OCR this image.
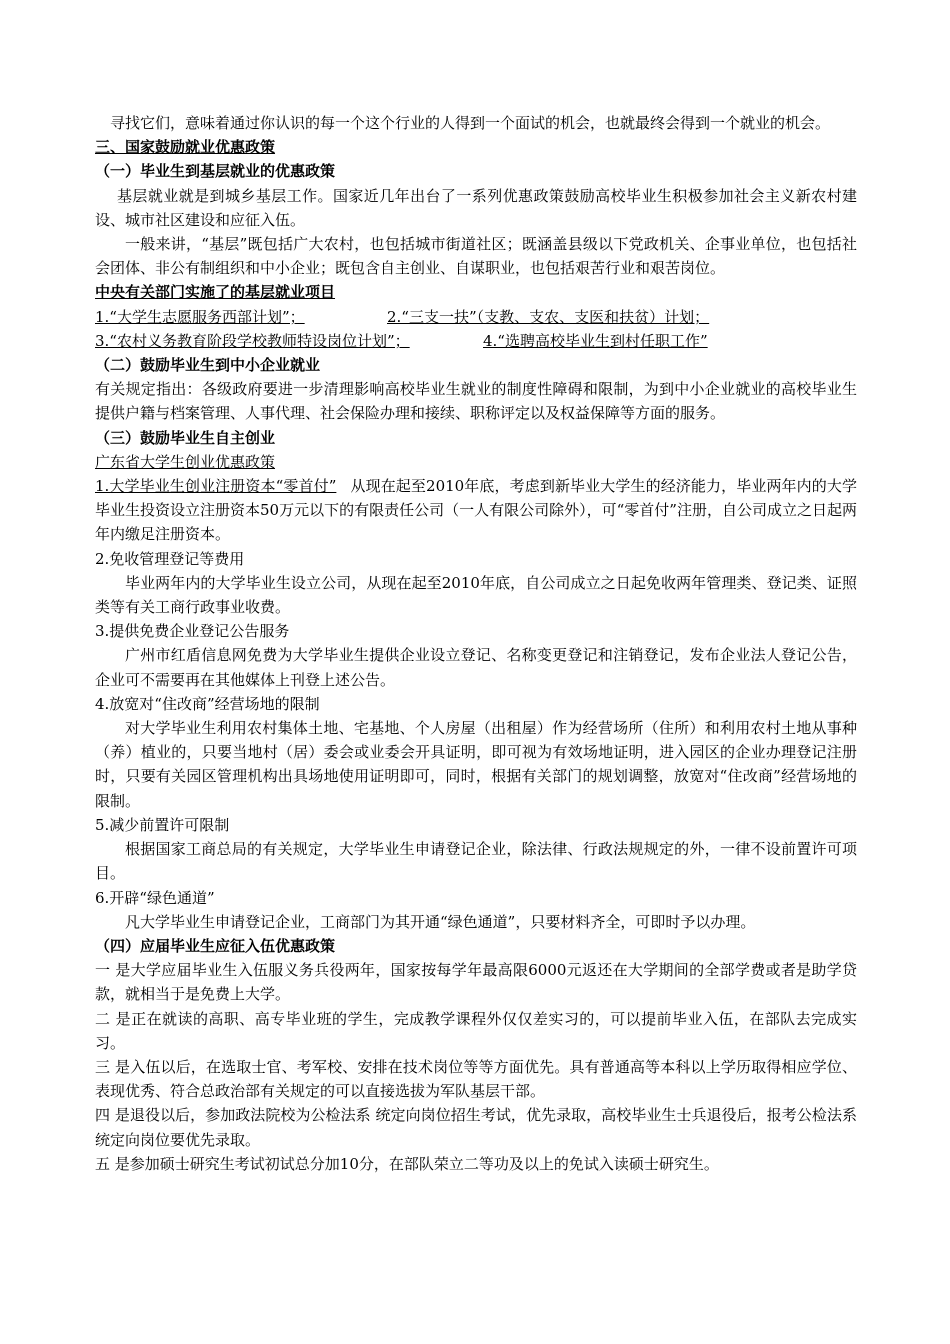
寻找它们，意味着通过你认识的每一个这个行业的人得到一个面试的机会，也就最终会得到一个就业的机会。

三、国家鼓励就业优惠政策

（一）毕业生到基层就业的优惠政策

基层就业就是到城乡基层工作。国家近几年出台了一系列优惠政策鼓励高校毕业生积极参加社会主义新农村建设、城市社区建设和应征入伍。

一般来讲，“基层”既包括广大农村，也包括城市街道社区；既涵盖县级以下党政机关、企事业单位，也包括社会团体、非公有制组织和中小企业；既包含自主创业、自谋职业，也包括艰苦行业和艰苦岗位。

中央有关部门实施了的基层就业项目

1.“大学生志愿服务西部计划”；	2.“三支一扶”（支教、支农、支医和扶贫）计划；
3.“农村义务教育阶段学校教师特设岗位计划”；	4.“选聘高校毕业生到村任职工作”

（二）鼓励毕业生到中小企业就业

有关规定指出：各级政府要进一步清理影响高校毕业生就业的制度性障碍和限制，为到中小企业就业的高校毕业生提供户籍与档案管理、人事代理、社会保险办理和接续、职称评定以及权益保障等方面的服务。

（三）鼓励毕业生自主创业

广东省大学生创业优惠政策

1.大学毕业生创业注册资本“零首付” 从现在起至2010年底，考虑到新毕业大学生的经济能力，毕业两年内的大学毕业生投资设立注册资本50万元以下的有限责任公司（一人有限公司除外），可“零首付”注册，自公司成立之日起两年内缴足注册资本。

2.免收管理登记等费用

毕业两年内的大学毕业生设立公司，从现在起至2010年底，自公司成立之日起免收两年管理类、登记类、证照类等有关工商行政事业收费。

3.提供免费企业登记公告服务

广州市红盾信息网免费为大学毕业生提供企业设立登记、名称变更登记和注销登记，发布企业法人登记公告，企业可不需要再在其他媒体上刊登上述公告。

4.放宽对“住改商”经营场地的限制

对大学毕业生利用农村集体土地、宅基地、个人房屋（出租屋）作为经营场所（住所）和利用农村土地从事种（养）植业的，只要当地村（居）委会或业委会开具证明，即可视为有效场地证明，进入园区的企业办理登记注册时，只要有关园区管理机构出具场地使用证明即可，同时，根据有关部门的规划调整，放宽对“住改商”经营场地的限制。

5.减少前置许可限制

根据国家工商总局的有关规定，大学毕业生申请登记企业，除法律、行政法规规定的外，一律不设前置许可项目。

6.开辟“绿色通道”

凡大学毕业生申请登记企业，工商部门为其开通“绿色通道”，只要材料齐全，可即时予以办理。

（四）应届毕业生应征入伍优惠政策

一 是大学应届毕业生入伍服义务兵役两年，国家按每学年最高限6000元返还在大学期间的全部学费或者是助学贷款，就相当于是免费上大学。

二 是正在就读的高职、高专毕业班的学生，完成教学课程外仅仅差实习的，可以提前毕业入伍，在部队去完成实习。

三 是入伍以后，在选取士官、考军校、安排在技术岗位等等方面优先。具有普通高等本科以上学历取得相应学位、表现优秀、符合总政治部有关规定的可以直接选拔为军队基层干部。

四 是退役以后，参加政法院校为公检法系 统定向岗位招生考试，优先录取，高校毕业生士兵退役后，报考公检法系统定向岗位要优先录取。

五 是参加硕士研究生考试初试总分加10分，在部队荣立二等功及以上的免试入读硕士研究生。
